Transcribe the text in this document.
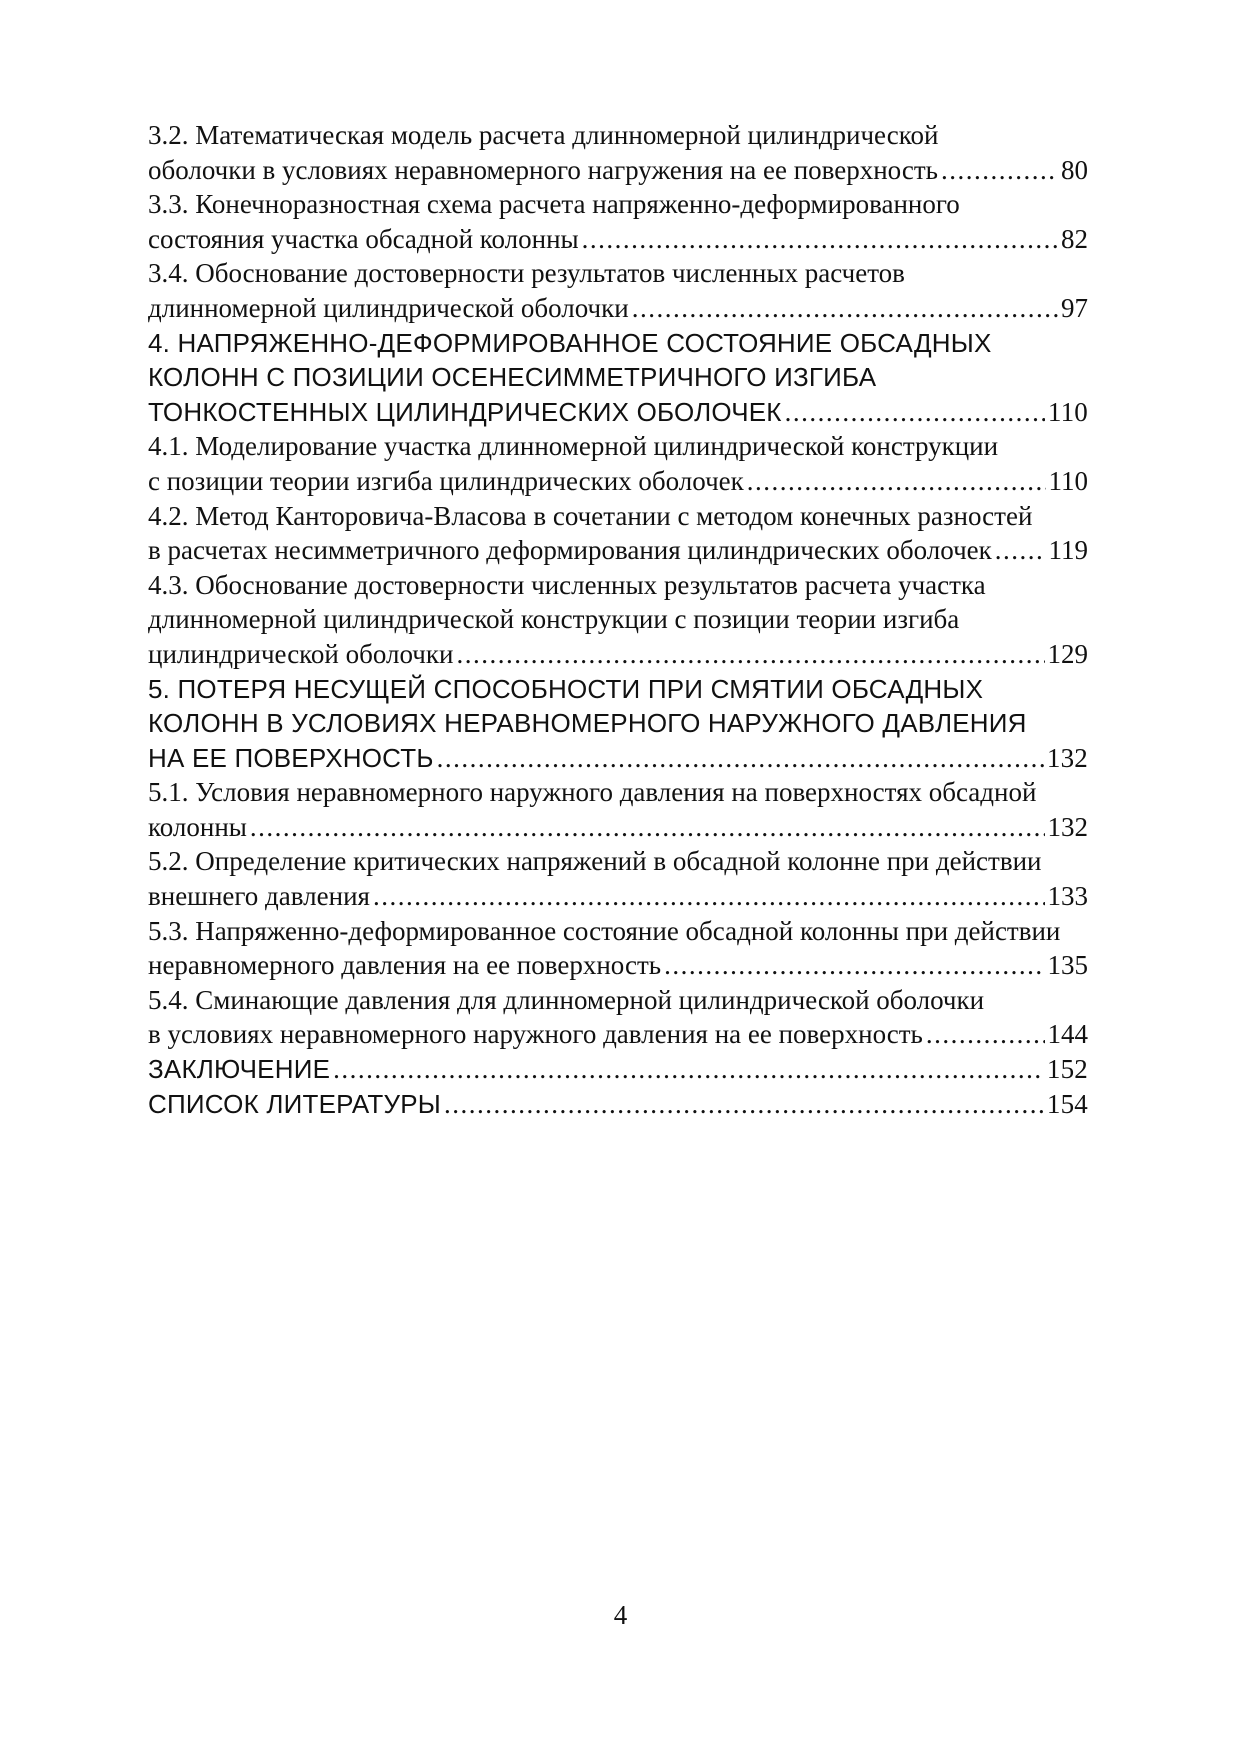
3.2. Математическая модель расчета длинномерной цилиндрической
оболочки в условиях неравномерного нагружения на ее поверхность .....	80
3.3. Конечноразностная схема расчета напряженно-деформированного
состояния участка обсадной колонны .....	82
3.4. Обоснование достоверности результатов численных расчетов
длинномерной цилиндрической оболочки .....	97
4. НАПРЯЖЕННО-ДЕФОРМИРОВАННОЕ СОСТОЯНИЕ ОБСАДНЫХ
КОЛОНН С ПОЗИЦИИ ОСЕНЕСИММЕТРИЧНОГО ИЗГИБА
ТОНКОСТЕННЫХ ЦИЛИНДРИЧЕСКИХ ОБОЛОЧЕК .....	110
4.1. Моделирование участка длинномерной цилиндрической конструкции
с позиции теории изгиба цилиндрических оболочек .....	110
4.2. Метод Канторовича-Власова в сочетании с методом конечных разностей
в расчетах несимметричного деформирования цилиндрических оболочек ..... 119
4.3. Обоснование достоверности численных результатов расчета участка
длинномерной цилиндрической конструкции с позиции теории изгиба
цилиндрической оболочки .....	129
5. ПОТЕРЯ НЕСУЩЕЙ СПОСОБНОСТИ ПРИ СМЯТИИ ОБСАДНЫХ
КОЛОНН В УСЛОВИЯХ НЕРАВНОМЕРНОГО НАРУЖНОГО ДАВЛЕНИЯ
НА ЕЕ ПОВЕРХНОСТЬ .....	132
5.1. Условия неравномерного наружного давления на поверхностях обсадной
колонны .....	132
5.2. Определение критических напряжений в обсадной колонне при действии
внешнего давления .....	133
5.3. Напряженно-деформированное состояние обсадной колонны при действии
неравномерного давления на ее поверхность .....	135
5.4. Сминающие давления для длинномерной цилиндрической оболочки
в условиях неравномерного наружного давления на ее поверхность .....	144
ЗАКЛЮЧЕНИЕ .....	152
СПИСОК ЛИТЕРАТУРЫ .....	154
4
